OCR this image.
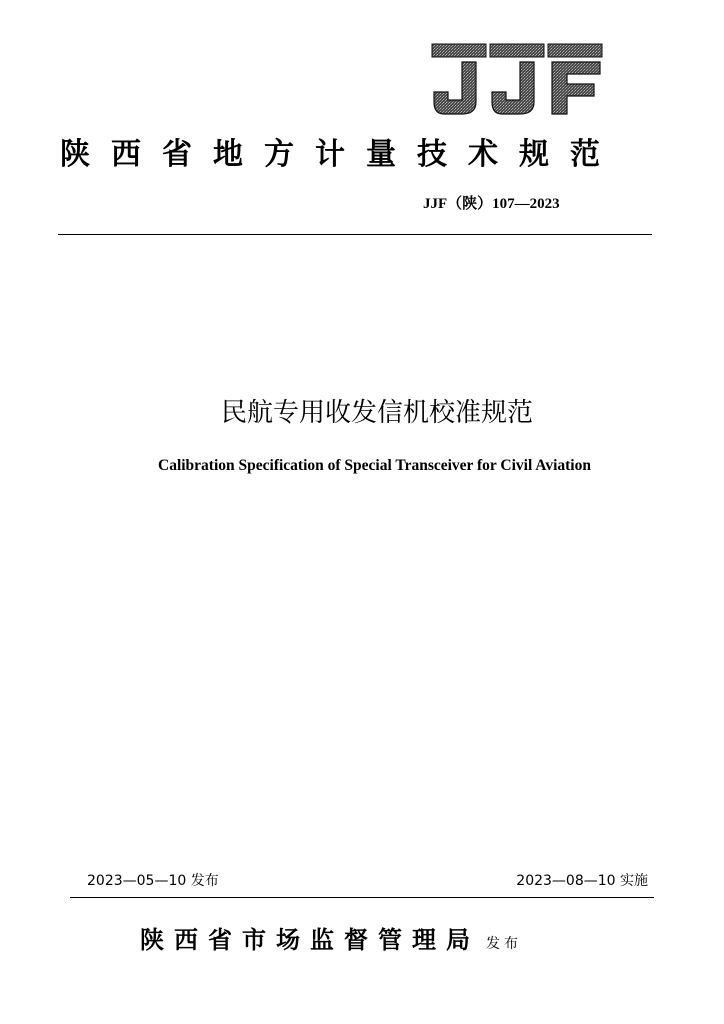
陕西省地方计量技术规范
JJF（陕）107—2023
民航专用收发信机校准规范
Calibration Specification of Special Transceiver for Civil Aviation
2023—05—10 发布	2023—08—10 实施
陕西省市场监督管理局 发布
